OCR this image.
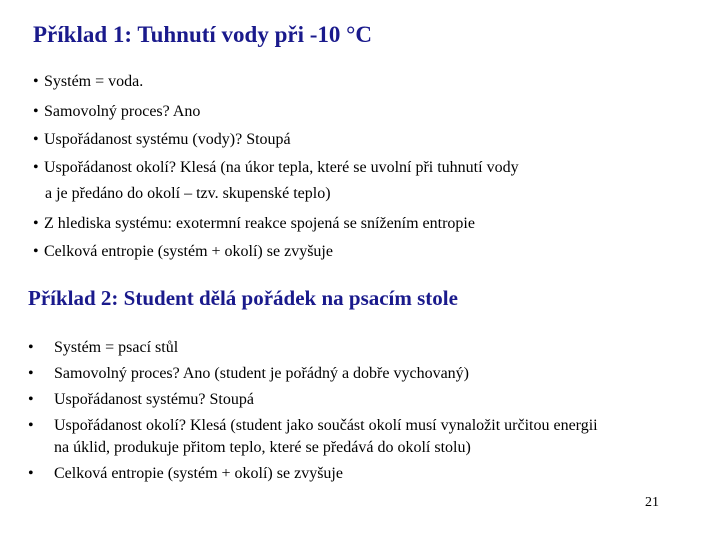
Příklad 1: Tuhnutí vody při -10 °C
• Systém = voda.
• Samovolný proces? Ano
• Uspořádanost systému (vody)? Stoupá
• Uspořádanost okolí? Klesá (na úkor tepla, které se uvolní při tuhnutí vody
a je předáno do okolí – tzv. skupenské teplo)
• Z hlediska systému: exotermní reakce spojená se snížením entropie
• Celková entropie (systém + okolí) se zvyšuje
Příklad 2: Student dělá pořádek na psacím stole
• Systém = psací stůl
• Samovolný proces? Ano (student je pořádný a dobře vychovaný)
• Uspořádanost systému? Stoupá
• Uspořádanost okolí? Klesá (student jako součást okolí musí vynaložit určitou energii
na úklid, produkuje přitom teplo, které se předává do okolí stolu)
• Celková entropie (systém + okolí) se zvyšuje
21
